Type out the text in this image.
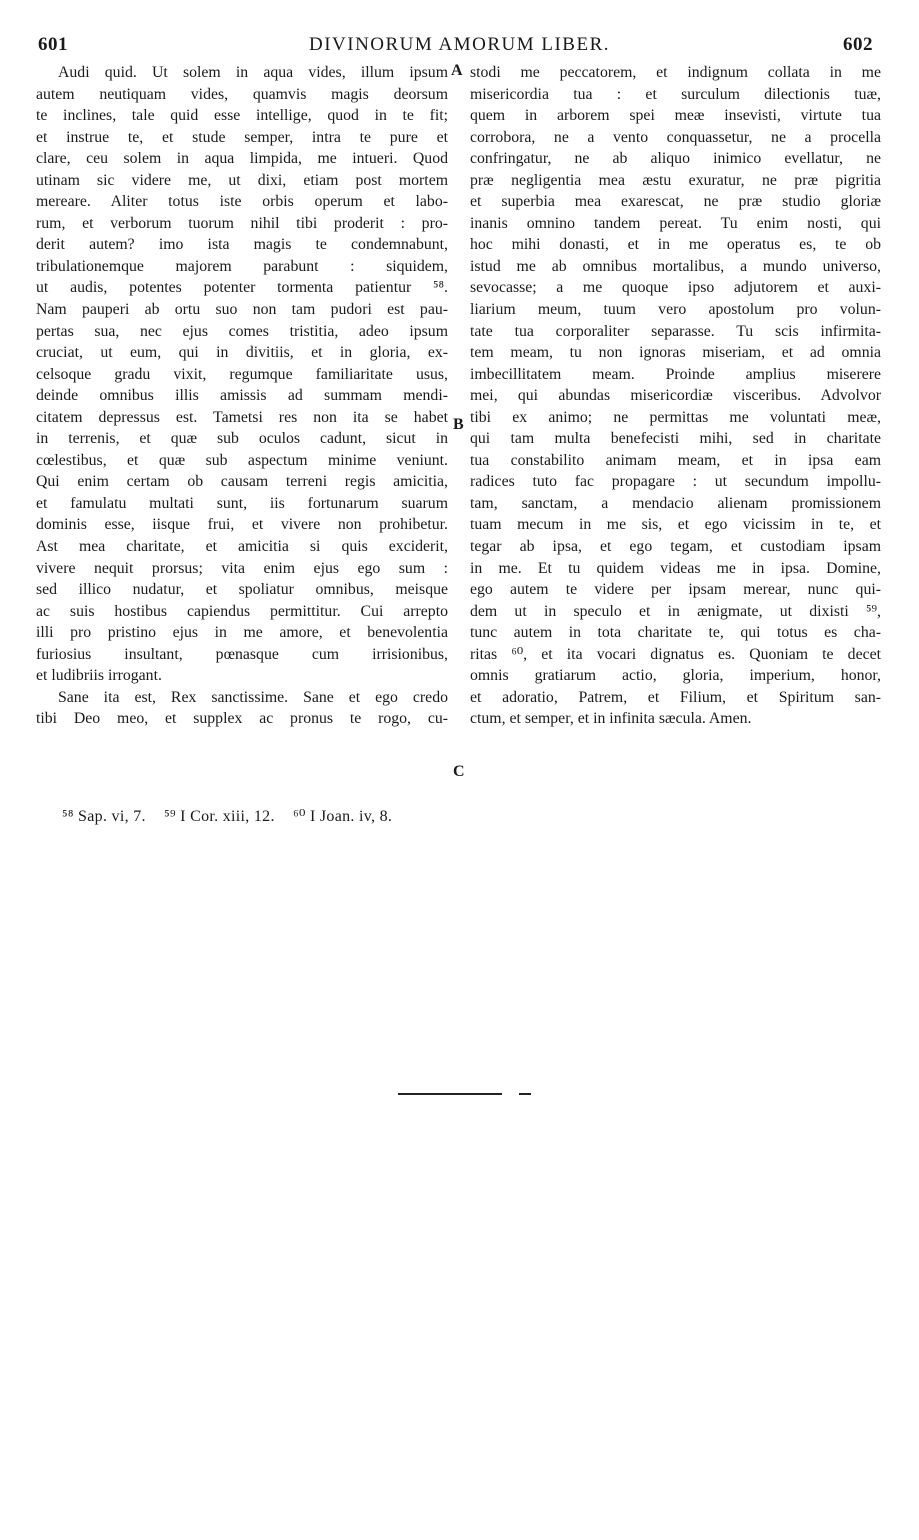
601	DIVINORUM AMORUM LIBER.	602
Audi quid. Ut solem in aqua vides, illum ipsum
autem neutiquam vides, quamvis magis deorsum
te inclines, tale quid esse intellige, quod in te fit;
et instrue te, et stude semper, intra te pure et
clare, ceu solem in aqua limpida, me intueri. Quod
utinam sic videre me, ut dixi, etiam post mortem
mereare. Aliter totus iste orbis operum et labo-
rum, et verborum tuorum nihil tibi proderit : pro-
derit autem? imo ista magis te condemnabunt,
tribulationemque majorem parabunt : siquidem,
ut audis, potentes potenter tormenta patientur ⁵⁸.
Nam pauperi ab ortu suo non tam pudori est pau-
pertas sua, nec ejus comes tristitia, adeo ipsum
cruciat, ut eum, qui in divitiis, et in gloria, ex-
celsoque gradu vixit, regumque familiaritate usus,
deinde omnibus illis amissis ad summam mendi-
citatem depressus est. Tametsi res non ita se habet
in terrenis, et quæ sub oculos cadunt, sicut in
cœlestibus, et quæ sub aspectum minime veniunt.
Qui enim certam ob causam terreni regis amicitia,
et famulatu multati sunt, iis fortunarum suarum
dominis esse, iisque frui, et vivere non prohibetur.
Ast mea charitate, et amicitia si quis exciderit,
vivere nequit prorsus; vita enim ejus ego sum :
sed illico nudatur, et spoliatur omnibus, meisque
ac suis hostibus capiendus permittitur. Cui arrepto
illi pro pristino ejus in me amore, et benevolentia
furiosius insultant, pœnasque cum irrisionibus,
et ludibriis irrogant.
Sane ita est, Rex sanctissime. Sane et ego credo
tibi Deo meo, et supplex ac pronus te rogo, cu-
stodi me peccatorem, et indignum collata in me
misericordia tua : et surculum dilectionis tuæ,
quem in arborem spei meæ insevisti, virtute tua
corrobora, ne a vento conquassetur, ne a procella
confringatur, ne ab aliquo inimico evellatur, ne
præ negligentia mea æstu exuratur, ne præ pigritia
et superbia mea exarescat, ne præ studio gloriæ
inanis omnino tandem pereat. Tu enim nosti, qui
hoc mihi donasti, et in me operatus es, te ob
istud me ab omnibus mortalibus, a mundo universo,
sevocasse; a me quoque ipso adjutorem et auxi-
liarium meum, tuum vero apostolum pro volun-
tate tua corporaliter separasse. Tu scis infirmita-
tem meam, tu non ignoras miseriam, et ad omnia
imbecillitatem meam. Proinde amplius miserere
mei, qui abundas misericordiæ visceribus. Advolvor
tibi ex animo; ne permittas me voluntati meæ,
qui tam multa benefecisti mihi, sed in charitate
tua constabilito animam meam, et in ipsa eam
radices tuto fac propagare : ut secundum impollu-
tam, sanctam, a mendacio alienam promissionem
tuam mecum in me sis, et ego vicissim in te, et
tegar ab ipsa, et ego tegam, et custodiam ipsam
in me. Et tu quidem videas me in ipsa. Domine,
ego autem te videre per ipsam merear, nunc qui-
dem ut in speculo et in ænigmate, ut dixisti ⁵⁹,
tunc autem in tota charitate te, qui totus es cha-
ritas ⁶⁰, et ita vocari dignatus es. Quoniam te decet
omnis gratiarum actio, gloria, imperium, honor,
et adoratio, Patrem, et Filium, et Spiritum san-
ctum, et semper, et in infinita sæcula. Amen.
A
B
C
⁵⁸ Sap. vi, 7. ⁵⁹ I Cor. xiii, 12. ⁶⁰ I Joan. iv, 8.
